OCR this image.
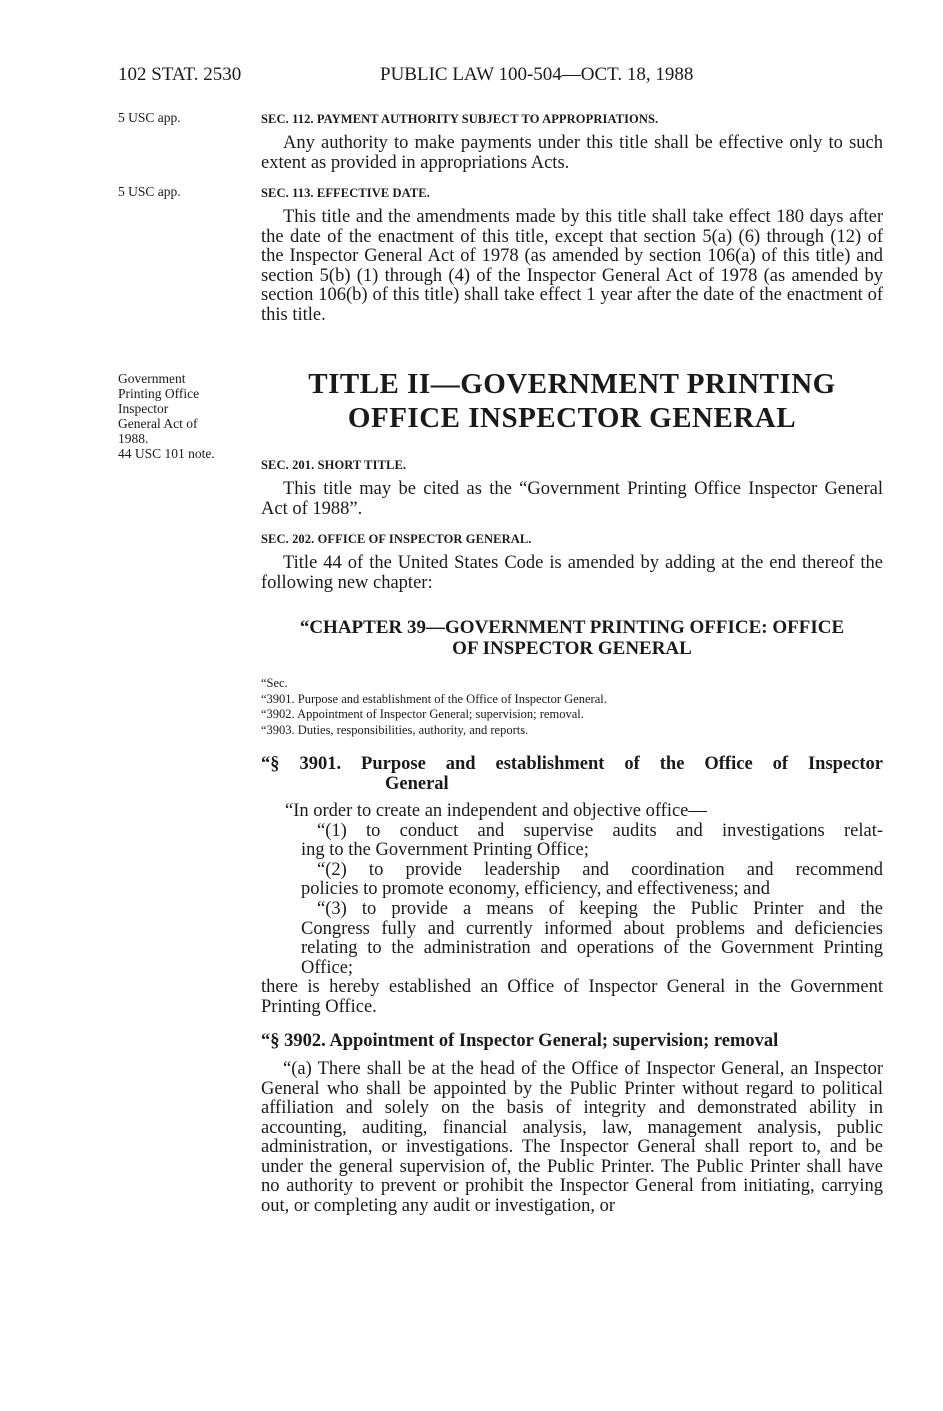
102 STAT. 2530	PUBLIC LAW 100-504—OCT. 18, 1988
5 USC app.
5 USC app.
Government
Printing Office
Inspector
General Act of
1988.
44 USC 101 note.
SEC. 112. PAYMENT AUTHORITY SUBJECT TO APPROPRIATIONS.

Any authority to make payments under this title shall be effective only to such extent as provided in appropriations Acts.

SEC. 113. EFFECTIVE DATE.

This title and the amendments made by this title shall take effect 180 days after the date of the enactment of this title, except that section 5(a) (6) through (12) of the Inspector General Act of 1978 (as amended by section 106(a) of this title) and section 5(b) (1) through (4) of the Inspector General Act of 1978 (as amended by section 106(b) of this title) shall take effect 1 year after the date of the enactment of this title.

TITLE II—GOVERNMENT PRINTING
OFFICE INSPECTOR GENERAL
SEC. 201. SHORT TITLE.

This title may be cited as the “Government Printing Office Inspector General Act of 1988”.

SEC. 202. OFFICE OF INSPECTOR GENERAL.

Title 44 of the United States Code is amended by adding at the end thereof the following new chapter:

“CHAPTER 39—GOVERNMENT PRINTING OFFICE: OFFICE
OF INSPECTOR GENERAL
“Sec.
“3901. Purpose and establishment of the Office of Inspector General.
“3902. Appointment of Inspector General; supervision; removal.
“3903. Duties, responsibilities, authority, and reports.
“§ 3901. Purpose and establishment of the Office of Inspector
General
“In order to create an independent and objective office—
“(1) to conduct and supervise audits and investigations relat-
ing to the Government Printing Office;
“(2) to provide leadership and coordination and recommend
policies to promote economy, efficiency, and effectiveness; and
“(3) to provide a means of keeping the Public Printer and the
Congress fully and currently informed about problems and deficiencies relating to the administration and operations of the Government Printing Office;
there is hereby established an Office of Inspector General in the Government Printing Office.
“§ 3902. Appointment of Inspector General; supervision; removal

“(a) There shall be at the head of the Office of Inspector General, an Inspector General who shall be appointed by the Public Printer without regard to political affiliation and solely on the basis of integrity and demonstrated ability in accounting, auditing, financial analysis, law, management analysis, public administration, or investigations. The Inspector General shall report to, and be under the general supervision of, the Public Printer. The Public Printer shall have no authority to prevent or prohibit the Inspector General from initiating, carrying out, or completing any audit or investigation, or
